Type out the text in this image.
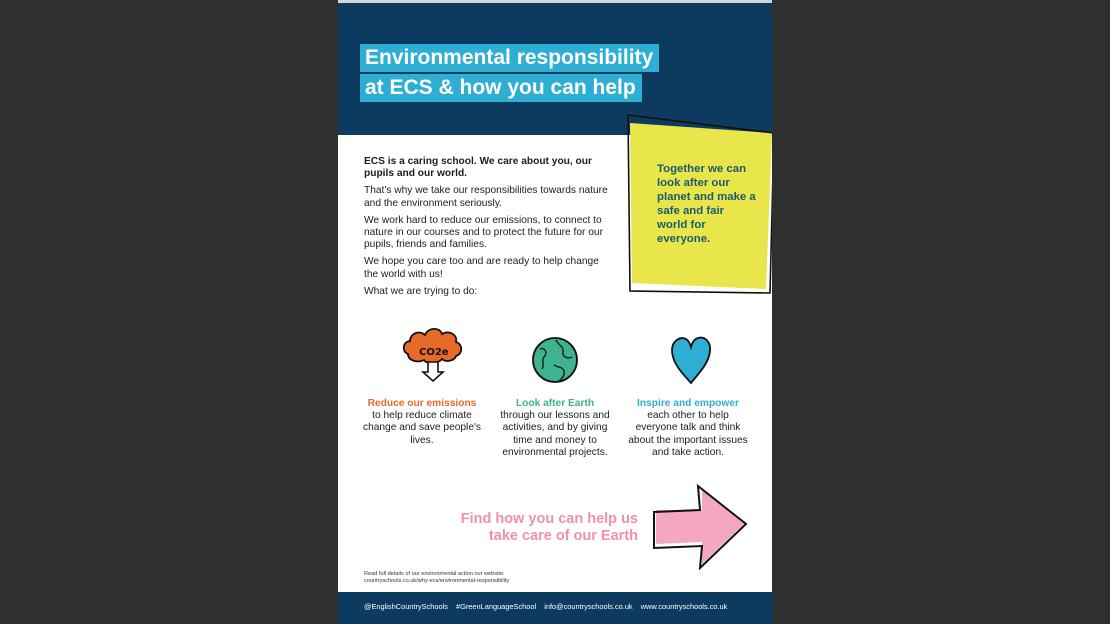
Environmental responsibility
at ECS & how you can help

ECS is a caring school. We care about you, our pupils and our world.

That's why we take our responsibilities towards nature and the environment seriously.

We work hard to reduce our emissions, to connect to nature in our courses and to protect the future for our pupils, friends and families.

We hope you care too and are ready to help change the world with us!

What we are trying to do:

Together we can look after our planet and make a safe and fair world for everyone.
CO2e
Reduce our emissions
to help reduce climate change and save people's lives.
Look after Earth
through our lessons and activities, and by giving time and money to environmental projects.
Inspire and empower
each other to help everyone talk and think about the important issues and take action.
Find how you can help us
take care of our Earth
Read full details of our environmental action our website:
countryschools.co.uk/why-ecs/environmental-responsibility
@EnglishCountrySchools #GreenLanguageSchool info@countryschools.co.uk www.countryschools.co.uk
